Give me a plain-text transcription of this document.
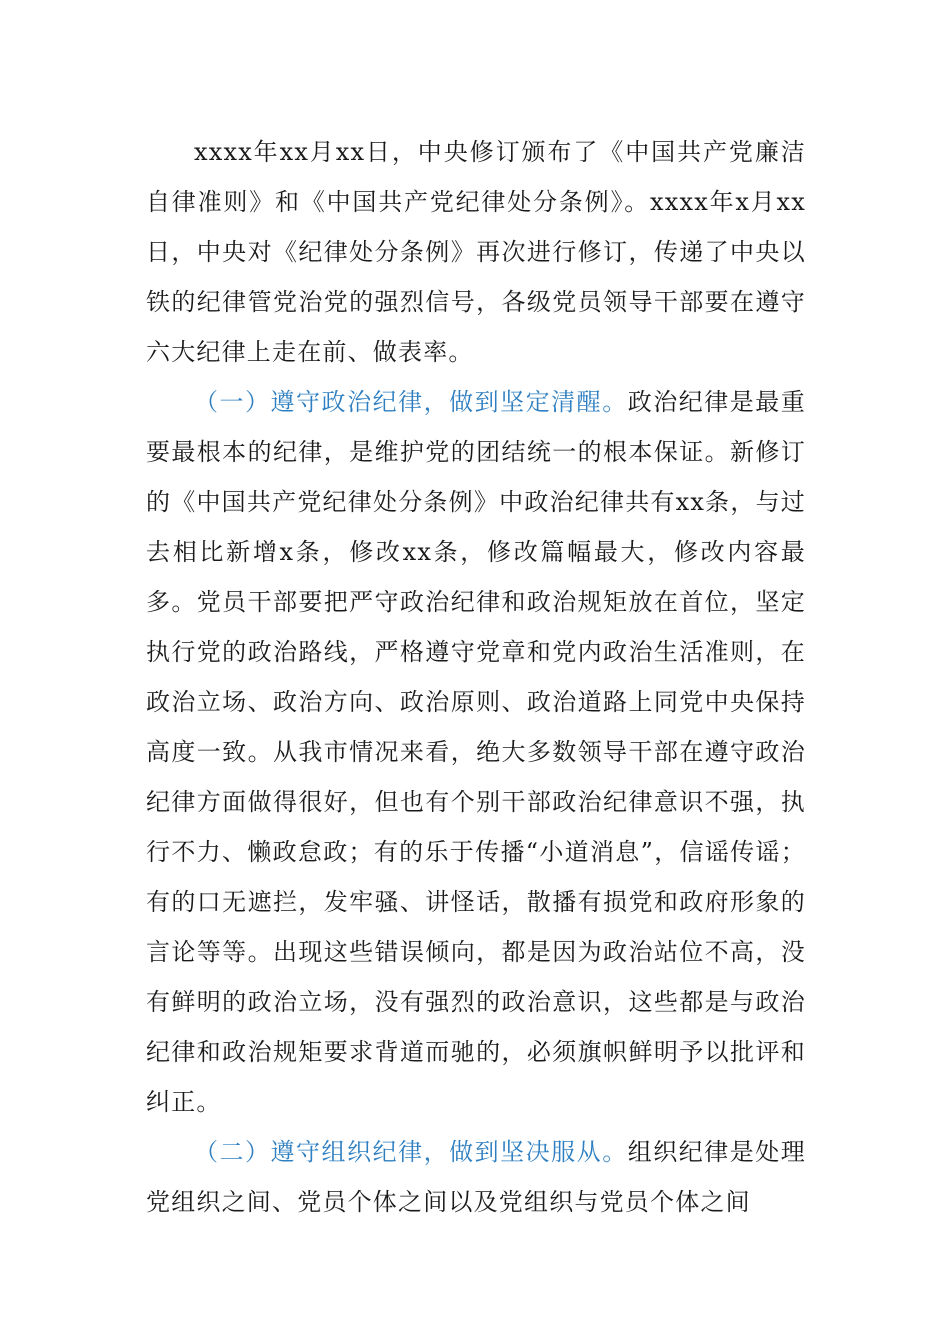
xxxx年xx月xx日，中央修订颁布了《中国共产党廉洁自律准则》和《中国共产党纪律处分条例》。xxxx年x月xx日，中央对《纪律处分条例》再次进行修订，传递了中央以铁的纪律管党治党的强烈信号，各级党员领导干部要在遵守六大纪律上走在前、做表率。

（一）遵守政治纪律，做到坚定清醒。政治纪律是最重要最根本的纪律，是维护党的团结统一的根本保证。新修订的《中国共产党纪律处分条例》中政治纪律共有xx条，与过去相比新增x条，修改xx条，修改篇幅最大，修改内容最多。党员干部要把严守政治纪律和政治规矩放在首位，坚定执行党的政治路线，严格遵守党章和党内政治生活准则，在政治立场、政治方向、政治原则、政治道路上同党中央保持高度一致。从我市情况来看，绝大多数领导干部在遵守政治纪律方面做得很好，但也有个别干部政治纪律意识不强，执行不力、懒政怠政；有的乐于传播“小道消息”，信谣传谣；有的口无遮拦，发牢骚、讲怪话，散播有损党和政府形象的言论等等。出现这些错误倾向，都是因为政治站位不高，没有鲜明的政治立场，没有强烈的政治意识，这些都是与政治纪律和政治规矩要求背道而驰的，必须旗帜鲜明予以批评和纠正。

（二）遵守组织纪律，做到坚决服从。组织纪律是处理党组织之间、党员个体之间以及党组织与党员个体之间
